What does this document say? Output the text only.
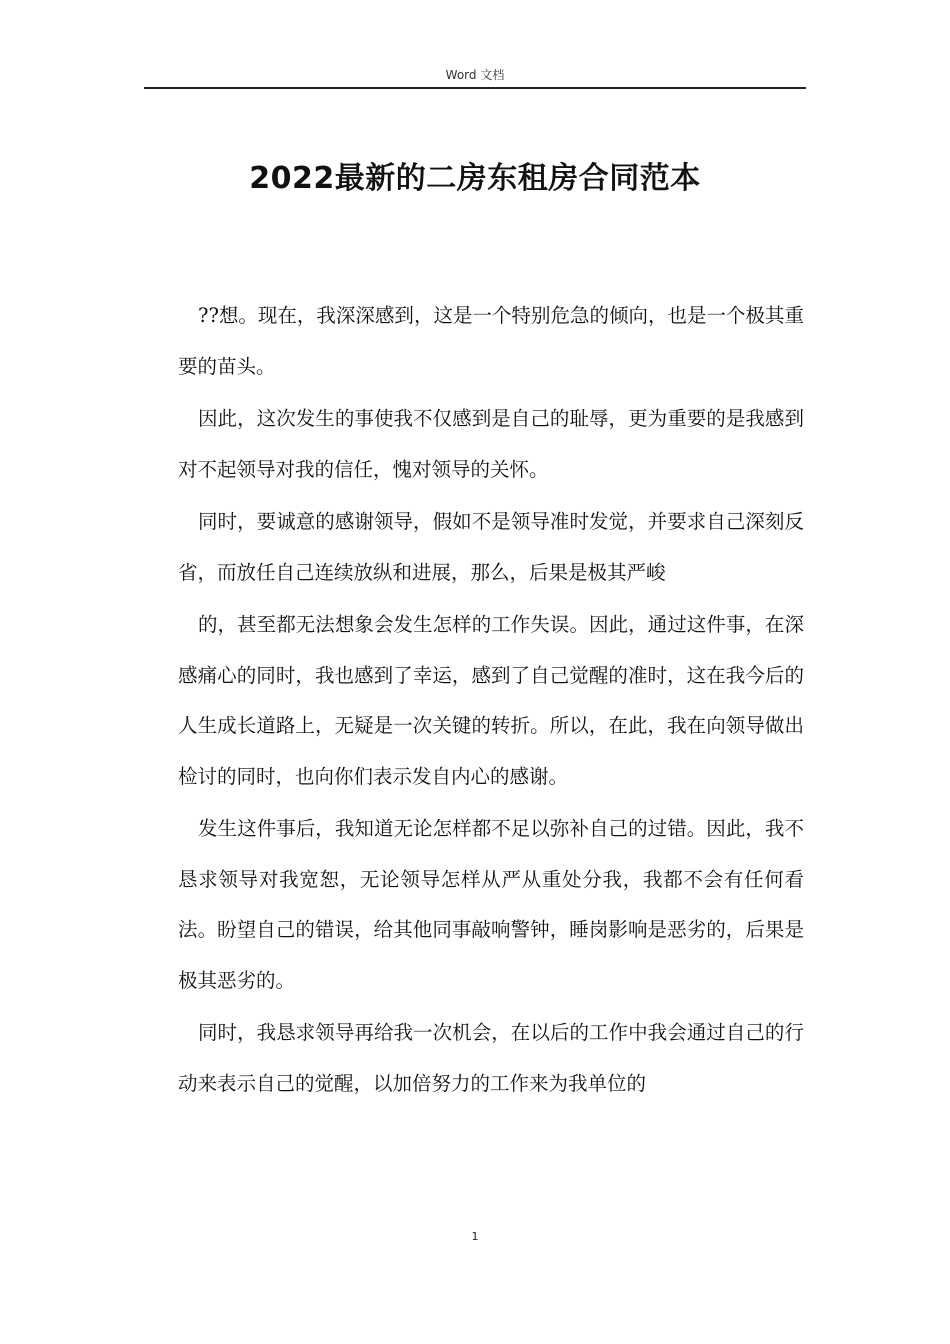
Word 文档
2022最新的二房东租房合同范本

??想。现在，我深深感到，这是一个特别危急的倾向，也是一个极其重要的苗头。

因此，这次发生的事使我不仅感到是自己的耻辱，更为重要的是我感到对不起领导对我的信任，愧对领导的关怀。

同时，要诚意的感谢领导，假如不是领导准时发觉，并要求自己深刻反省，而放任自己连续放纵和进展，那么，后果是极其严峻

的，甚至都无法想象会发生怎样的工作失误。因此，通过这件事，在深感痛心的同时，我也感到了幸运，感到了自己觉醒的准时，这在我今后的人生成长道路上，无疑是一次关键的转折。所以，在此，我在向领导做出检讨的同时，也向你们表示发自内心的感谢。

发生这件事后，我知道无论怎样都不足以弥补自己的过错。因此，我不恳求领导对我宽恕，无论领导怎样从严从重处分我，我都不会有任何看法。盼望自己的错误，给其他同事敲响警钟，睡岗影响是恶劣的，后果是极其恶劣的。

同时，我恳求领导再给我一次机会，在以后的工作中我会通过自己的行动来表示自己的觉醒，以加倍努力的工作来为我单位的

1
